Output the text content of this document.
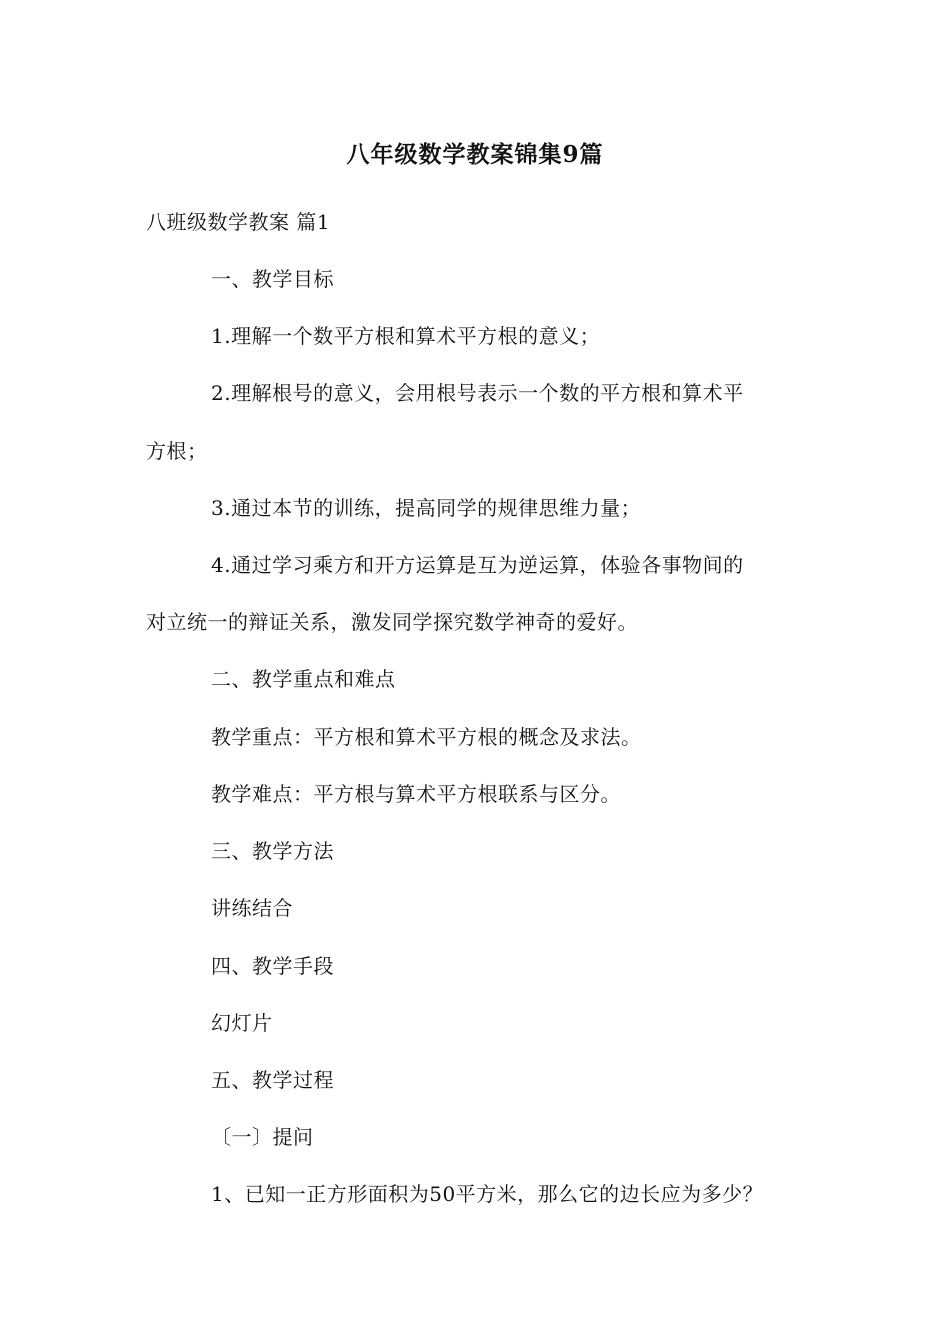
八年级数学教案锦集9篇
八班级数学教案 篇1
一、教学目标
1.理解一个数平方根和算术平方根的意义；
2.理解根号的意义，会用根号表示一个数的平方根和算术平
方根；
3.通过本节的训练，提高同学的规律思维力量；
4.通过学习乘方和开方运算是互为逆运算，体验各事物间的
对立统一的辩证关系，激发同学探究数学神奇的爱好。
二、教学重点和难点
教学重点：平方根和算术平方根的概念及求法。
教学难点：平方根与算术平方根联系与区分。
三、教学方法
讲练结合
四、教学手段
幻灯片
五、教学过程
〔一〕提问
1、已知一正方形面积为50平方米，那么它的边长应为多少？
